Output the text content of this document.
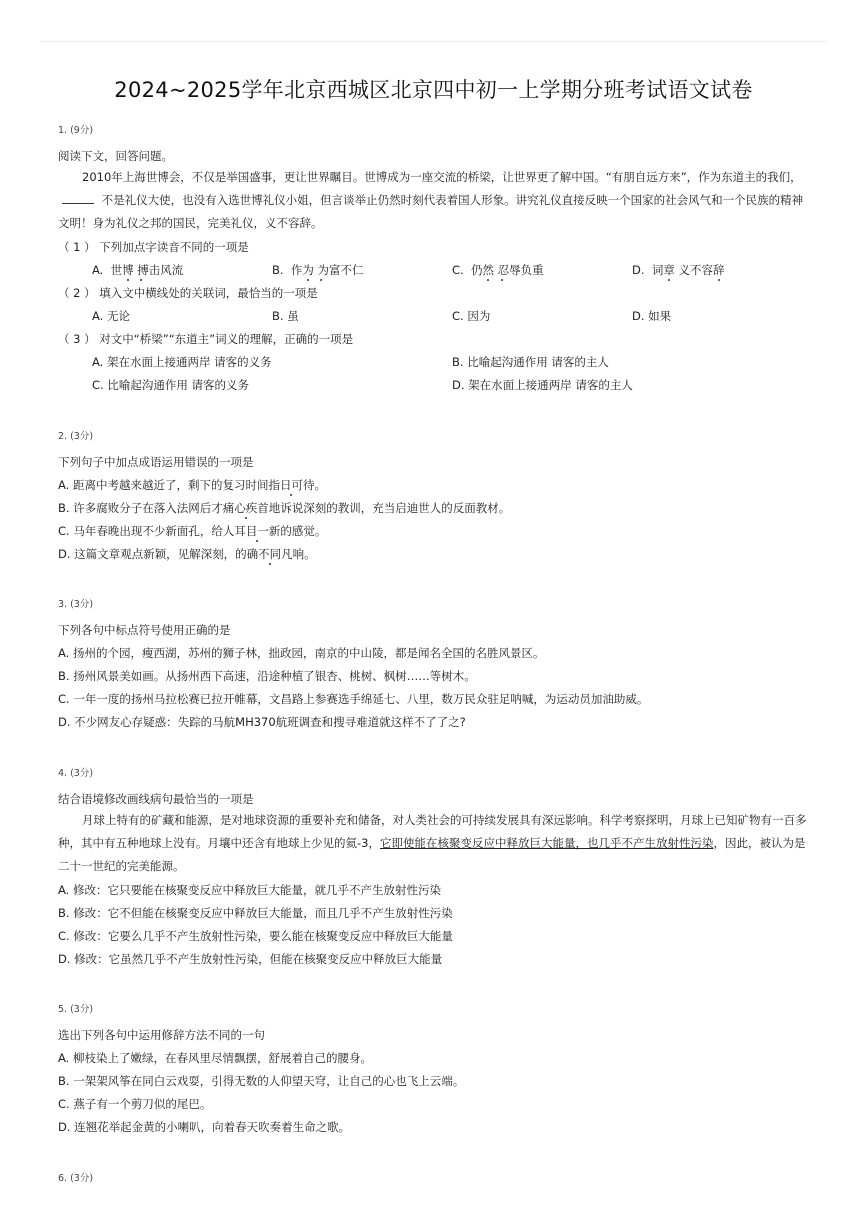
2024~2025学年北京西城区北京四中初一上学期分班考试语文试卷
1. (9分)
阅读下文，回答问题。
2010年上海世博会，不仅是举国盛事，更让世界瞩目。世博成为一座交流的桥梁，让世界更了解中国。“有朋自远方来”，作为东道主的我们， 不是礼仪大使，也没有入选世博礼仪小姐，但言谈举止仍然时刻代表着国人形象。讲究礼仪直接反映一个国家的社会风气和一个民族的精神文明！身为礼仪之邦的国民，完美礼仪，义不容辞。
（ 1 ） 下列加点字读音不同的一项是
A. 世博 搏击风流	B. 作为 为富不仁	C. 仍然 忍辱负重	D. 词章 义不容辞
（ 2 ） 填入文中横线处的关联词，最恰当的一项是
A. 无论	B. 虽	C. 因为	D. 如果
（ 3 ） 对文中“桥梁”“东道主”词义的理解，正确的一项是
A. 架在水面上接通两岸 请客的义务	B. 比喻起沟通作用 请客的主人
C. 比喻起沟通作用 请客的义务	D. 架在水面上接通两岸 请客的主人
2. (3分)
下列句子中加点成语运用错误的一项是
A. 距离中考越来越近了，剩下的复习时间指日可待。
B. 许多腐败分子在落入法网后才痛心疾首地诉说深刻的教训，充当启迪世人的反面教材。
C. 马年春晚出现不少新面孔，给人耳目一新的感觉。
D. 这篇文章观点新颖，见解深刻，的确不同凡响。
3. (3分)
下列各句中标点符号使用正确的是
A. 扬州的个园，瘦西湖，苏州的狮子林，拙政园，南京的中山陵，都是闻名全国的名胜风景区。
B. 扬州风景美如画。从扬州西下高速，沿途种植了银杏、桃树、枫树……等树木。
C. 一年一度的扬州马拉松赛已拉开帷幕，文昌路上参赛选手绵延七、八里，数万民众驻足呐喊，为运动员加油助威。
D. 不少网友心存疑惑：失踪的马航MH370航班调查和搜寻难道就这样不了了之?
4. (3分)
结合语境修改画线病句最恰当的一项是
月球上特有的矿藏和能源，是对地球资源的重要补充和储备，对人类社会的可持续发展具有深远影响。科学考察探明，月球上已知矿物有一百多种，其中有五种地球上没有。月壤中还含有地球上少见的氦-3，它即使能在核聚变反应中释放巨大能量，也几乎不产生放射性污染，因此，被认为是二十一世纪的完美能源。
A. 修改：它只要能在核聚变反应中释放巨大能量，就几乎不产生放射性污染
B. 修改：它不但能在核聚变反应中释放巨大能量，而且几乎不产生放射性污染
C. 修改：它要么几乎不产生放射性污染，要么能在核聚变反应中释放巨大能量
D. 修改：它虽然几乎不产生放射性污染，但能在核聚变反应中释放巨大能量
5. (3分)
选出下列各句中运用修辞方法不同的一句
A. 柳枝染上了嫩绿，在春风里尽情飘摆，舒展着自己的腰身。
B. 一架架风筝在同白云戏耍，引得无数的人仰望天穹，让自己的心也飞上云端。
C. 燕子有一个剪刀似的尾巴。
D. 连翘花举起金黄的小喇叭，向着春天吹奏着生命之歌。
6. (3分)
